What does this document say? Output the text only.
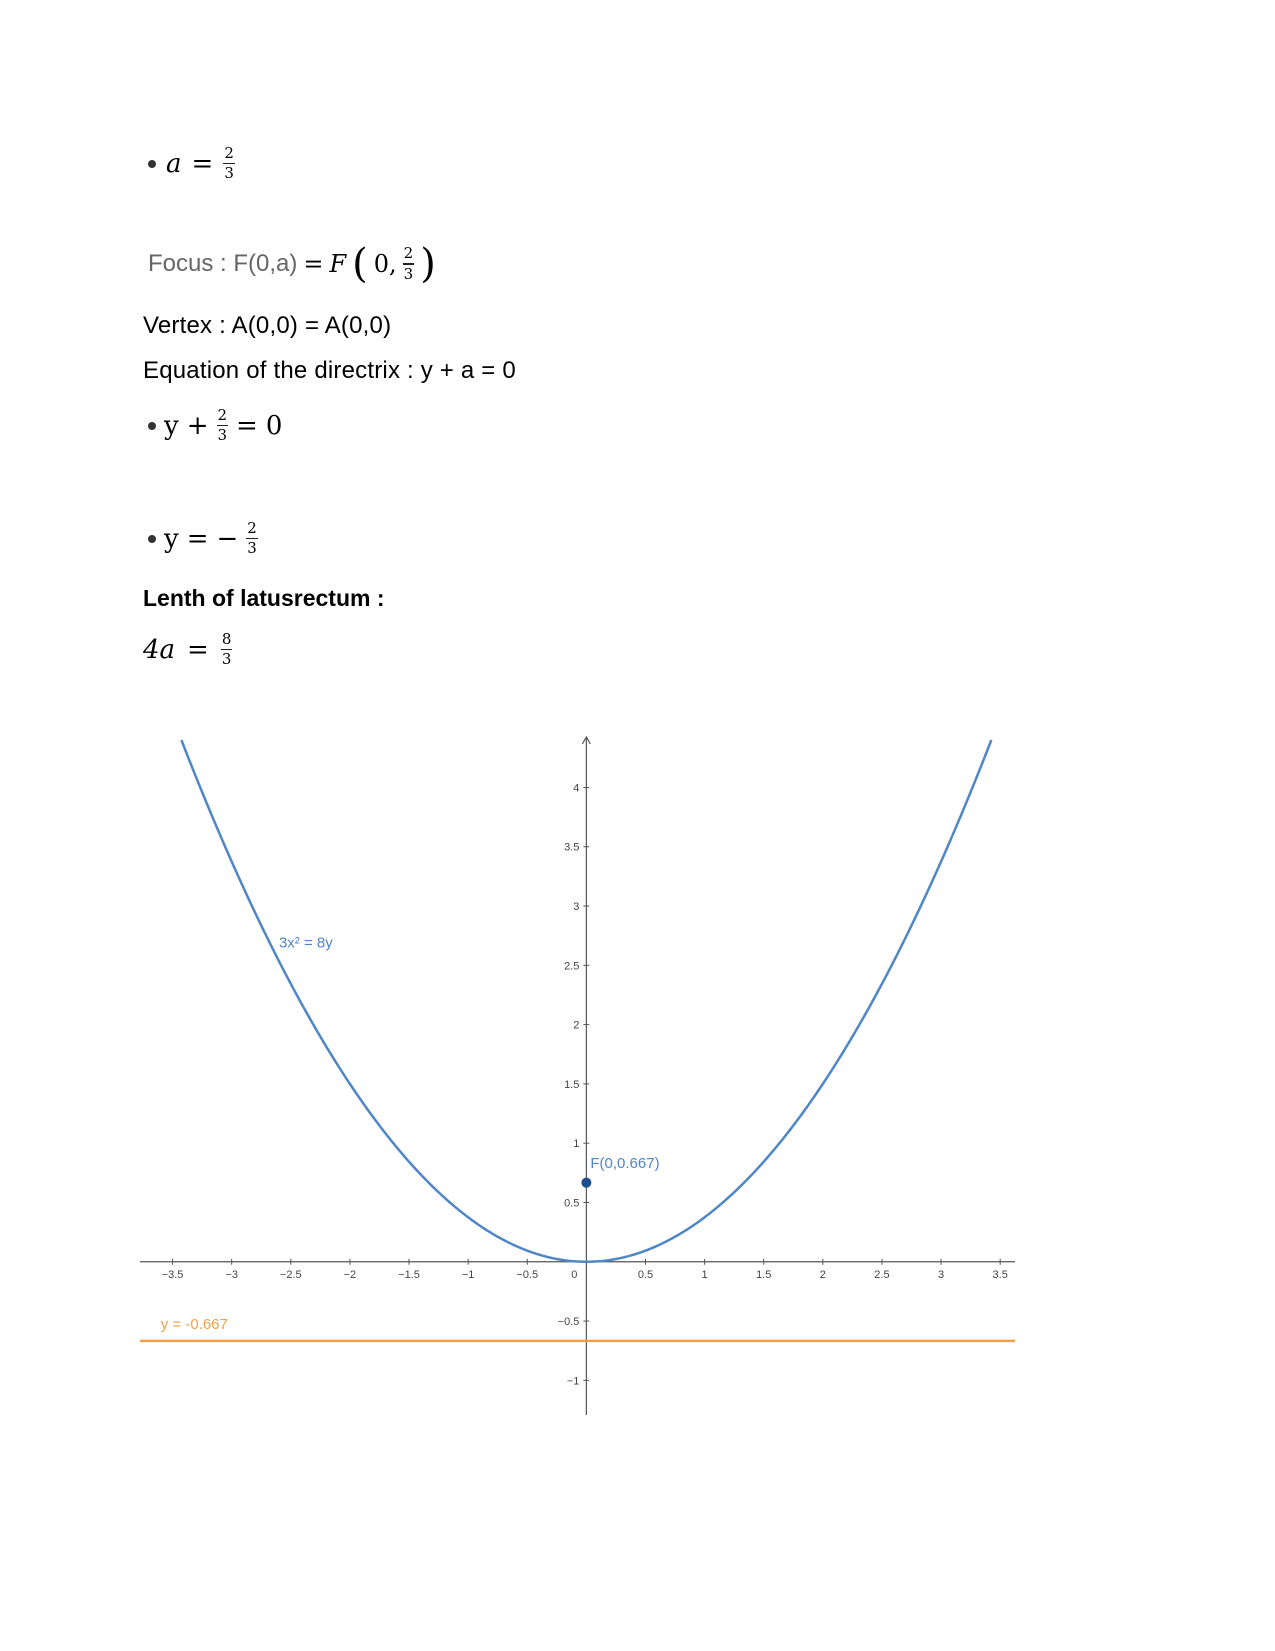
$a = \frac{2}{3}$
Focus : F(0,a) = F ( 0, $\frac{2}{3}$ )
Vertex : A(0,0) = A(0,0)
Equation of the directrix : y + a = 0
$y + \frac{2}{3} = 0$
y = − $\frac{2}{3}$
Lenth of latusrectum :
$4a = \frac{8}{3}$
−3.5	−3	−2.5	−2	−1.5	−1	−0.5	0	0.5	1	1.5	2	2.5	3	3.5
4
3.5
3
2.5
2
1.5
1
0.5
−0.5
−1
3x² = 8y
y = -0.667
F(0,0.667)
